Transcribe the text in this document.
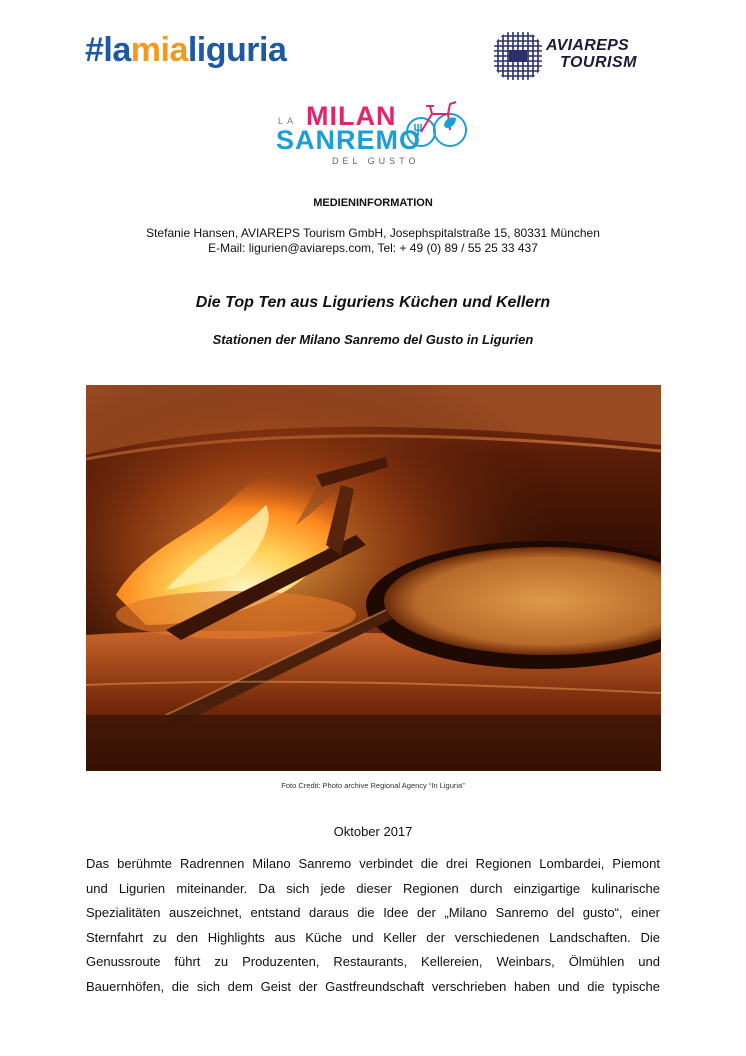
#lamialiguria	AVIAREPS
TOURISM
LA MILAN
SANREMO
DEL GUSTO
MEDIENINFORMATION
Stefanie Hansen, AVIAREPS Tourism GmbH, Josephspitalstraße 15, 80331 München
E-Mail: ligurien@aviareps.com, Tel: + 49 (0) 89 / 55 25 33 437
Die Top Ten aus Liguriens Küchen und Kellern
Stationen der Milano Sanremo del Gusto in Ligurien
Foto Credit: Photo archive Regional Agency “In Liguria”
Oktober 2017
Das berühmte Radrennen Milano Sanremo verbindet die drei Regionen Lombardei, Piemont
und Ligurien miteinander. Da sich jede dieser Regionen durch einzigartige kulinarische
Spezialitäten auszeichnet, entstand daraus die Idee der „Milano Sanremo del gusto“, einer
Sternfahrt zu den Highlights aus Küche und Keller der verschiedenen Landschaften. Die
Genussroute führt zu Produzenten, Restaurants, Kellereien, Weinbars, Ölmühlen und
Bauernhöfen, die sich dem Geist der Gastfreundschaft verschrieben haben und die typische
